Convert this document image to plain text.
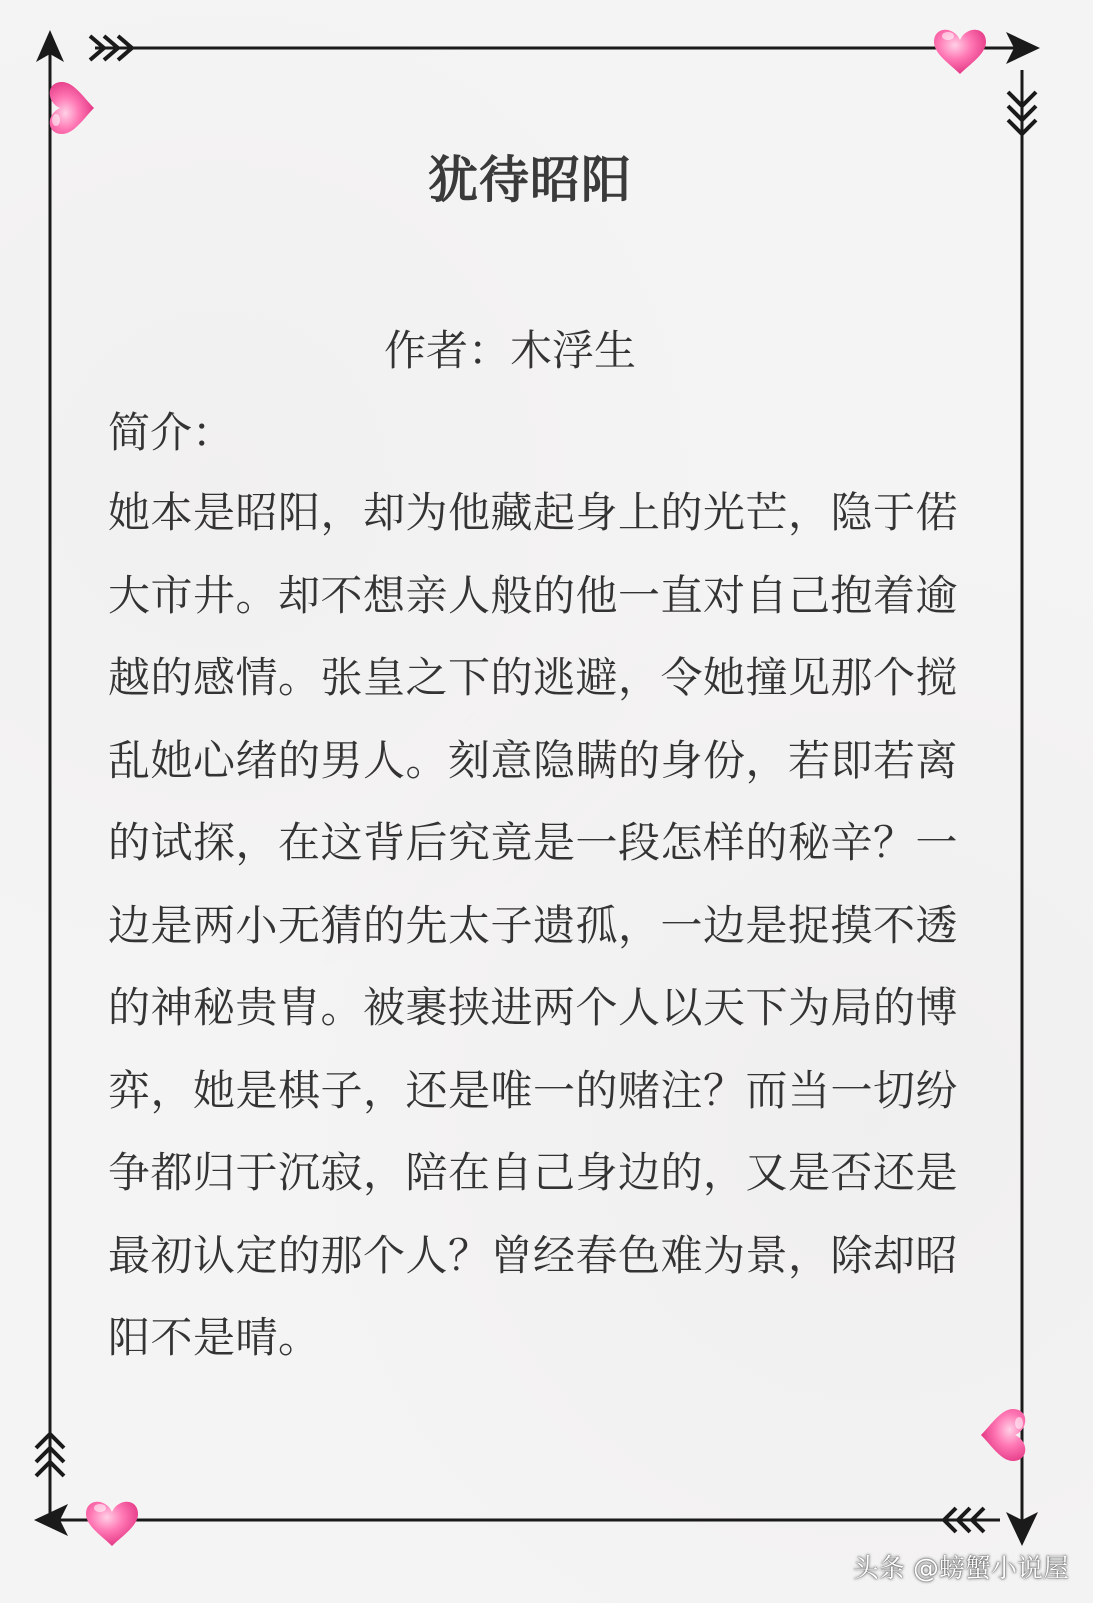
犹待昭阳
作者：木浮生
简介：
她本是昭阳，却为他藏起身上的光芒，隐于偌大市井。却不想亲人般的他一直对自己抱着逾越的感情。张皇之下的逃避，令她撞见那个搅乱她心绪的男人。刻意隐瞒的身份，若即若离的试探，在这背后究竟是一段怎样的秘辛？一边是两小无猜的先太子遗孤，一边是捉摸不透的神秘贵胄。被裹挟进两个人以天下为局的博弈，她是棋子，还是唯一的赌注？而当一切纷争都归于沉寂，陪在自己身边的，又是否还是最初认定的那个人？曾经春色难为景，除却昭阳不是晴。
头条 @螃蟹小说屋
